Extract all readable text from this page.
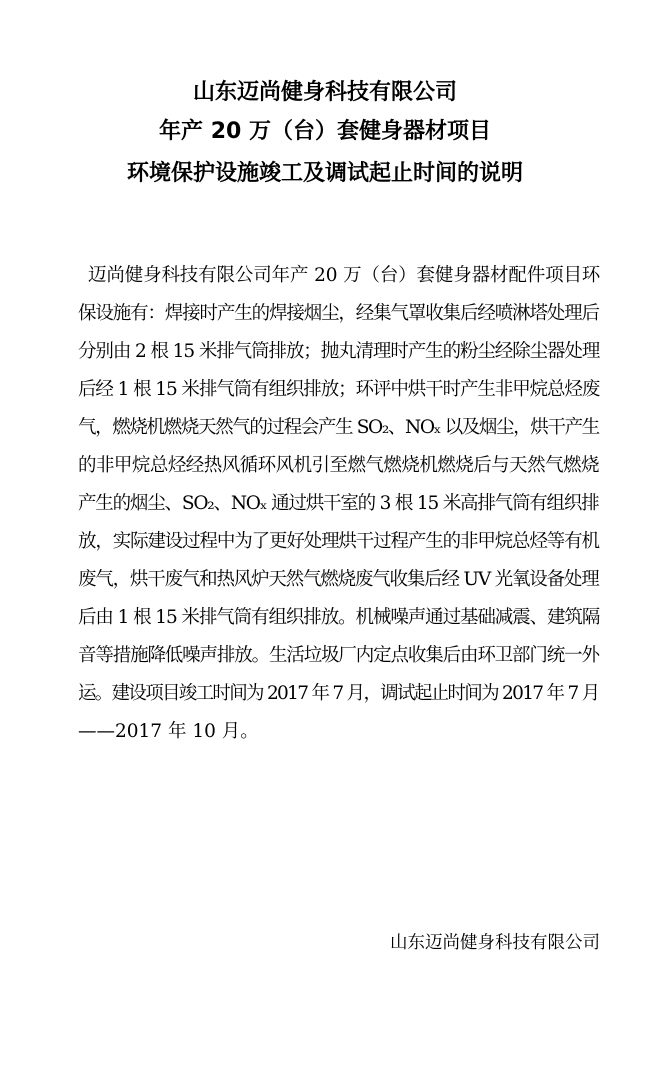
山东迈尚健身科技有限公司
年产 20 万（台）套健身器材项目
环境保护设施竣工及调试起止时间的说明

迈尚健身科技有限公司年产 20 万（台）套健身器材配件项目环

保设施有：焊接时产生的焊接烟尘，经集气罩收集后经喷淋塔处理后

分别由 2 根 15 米排气筒排放；抛丸清理时产生的粉尘经除尘器处理

后经 1 根 15 米排气筒有组织排放；环评中烘干时产生非甲烷总烃废

气，燃烧机燃烧天然气的过程会产生 SO₂、NOₓ 以及烟尘，烘干产生

的非甲烷总烃经热风循环风机引至燃气燃烧机燃烧后与天然气燃烧

产生的烟尘、SO₂、NOₓ 通过烘干室的 3 根 15 米高排气筒有组织排

放，实际建设过程中为了更好处理烘干过程产生的非甲烷总烃等有机

废气，烘干废气和热风炉天然气燃烧废气收集后经 UV 光氧设备处理

后由 1 根 15 米排气筒有组织排放。机械噪声通过基础减震、建筑隔

音等措施降低噪声排放。生活垃圾厂内定点收集后由环卫部门统一外

运。建设项目竣工时间为 2017 年 7 月，调试起止时间为 2017 年 7 月

——2017 年 10 月。

山东迈尚健身科技有限公司
